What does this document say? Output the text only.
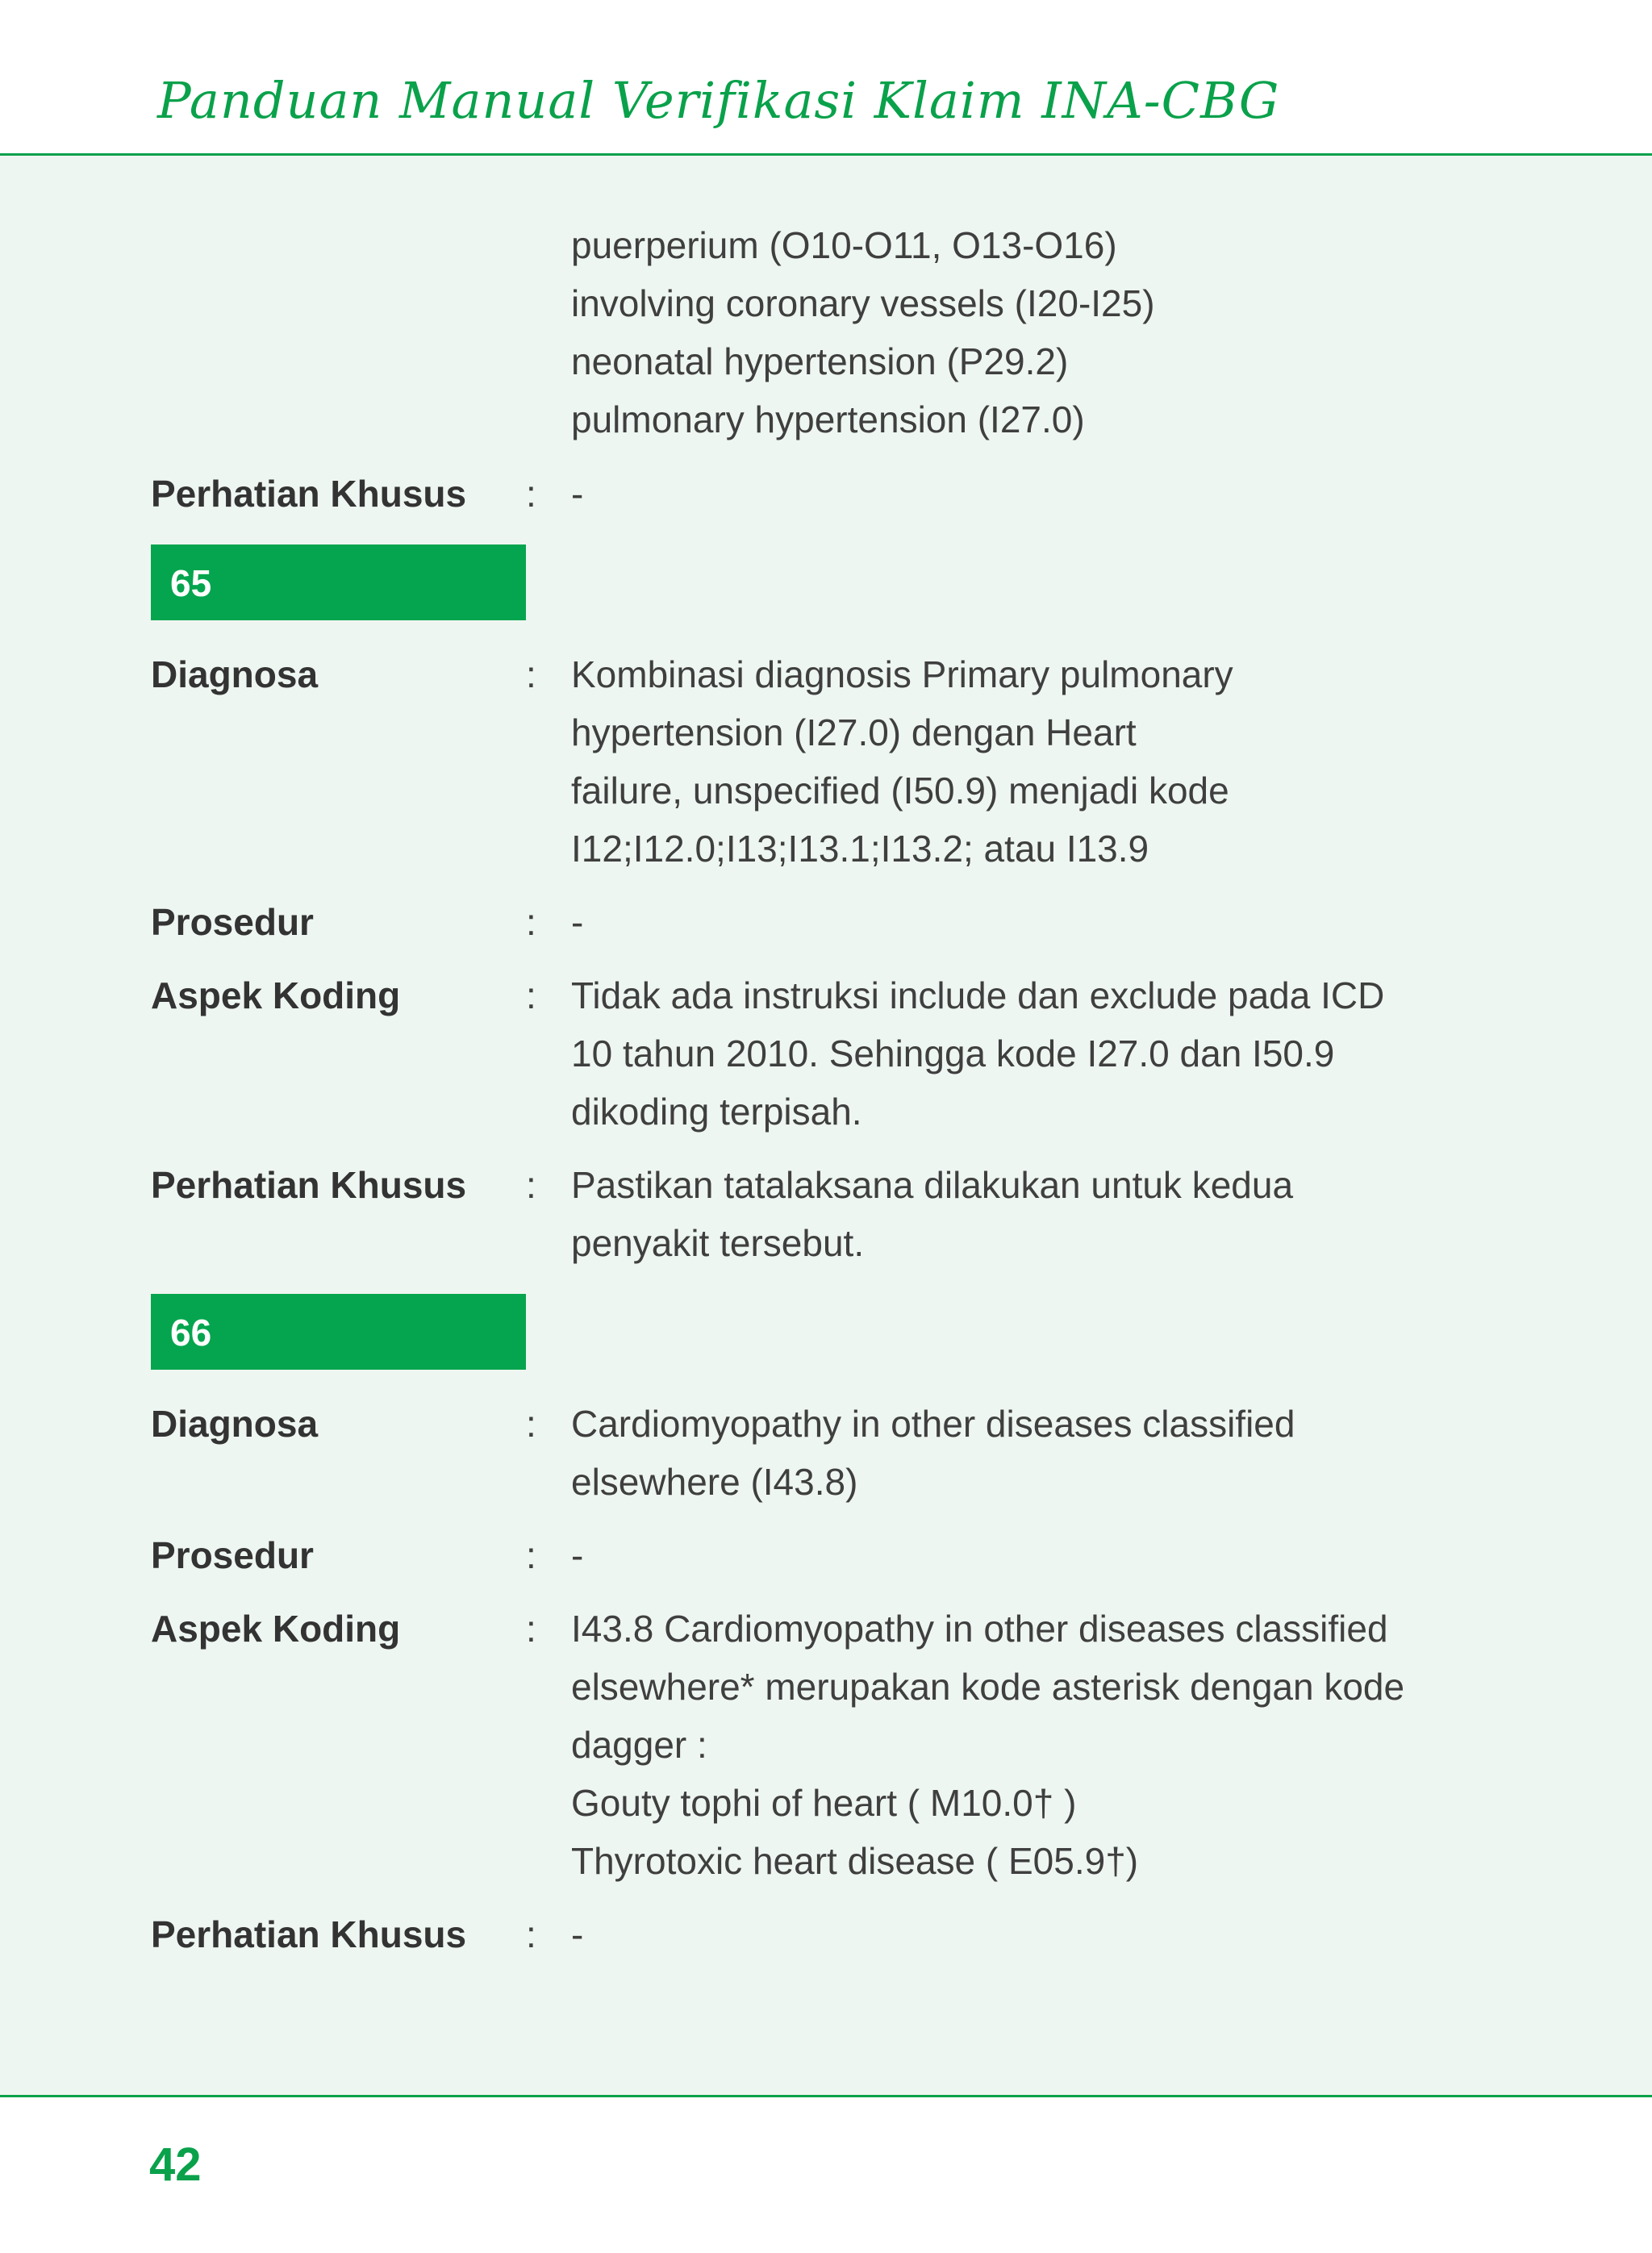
Panduan Manual Verifikasi Klaim INA-CBG
puerperium (O10-O11, O13-O16)
involving coronary vessels (I20-I25)
neonatal hypertension (P29.2)
pulmonary hypertension (I27.0)
Perhatian Khusus : -
65
Diagnosa	: Kombinasi diagnosis Primary pulmonary
hypertension (I27.0) dengan Heart
failure, unspecified (I50.9) menjadi kode
I12;I12.0;I13;I13.1;I13.2; atau I13.9
Prosedur	: -
Aspek Koding	: Tidak ada instruksi include dan exclude pada ICD
10 tahun 2010. Sehingga kode I27.0 dan I50.9
dikoding terpisah.
Perhatian Khusus : Pastikan tatalaksana dilakukan untuk kedua
penyakit tersebut.
66
Diagnosa	: Cardiomyopathy in other diseases classified
elsewhere (I43.8)
Prosedur	: -
Aspek Koding	: I43.8 Cardiomyopathy in other diseases classified
elsewhere* merupakan kode asterisk dengan kode
dagger :
Gouty tophi of heart ( M10.0† )
Thyrotoxic heart disease ( E05.9†)
Perhatian Khusus : -
42
